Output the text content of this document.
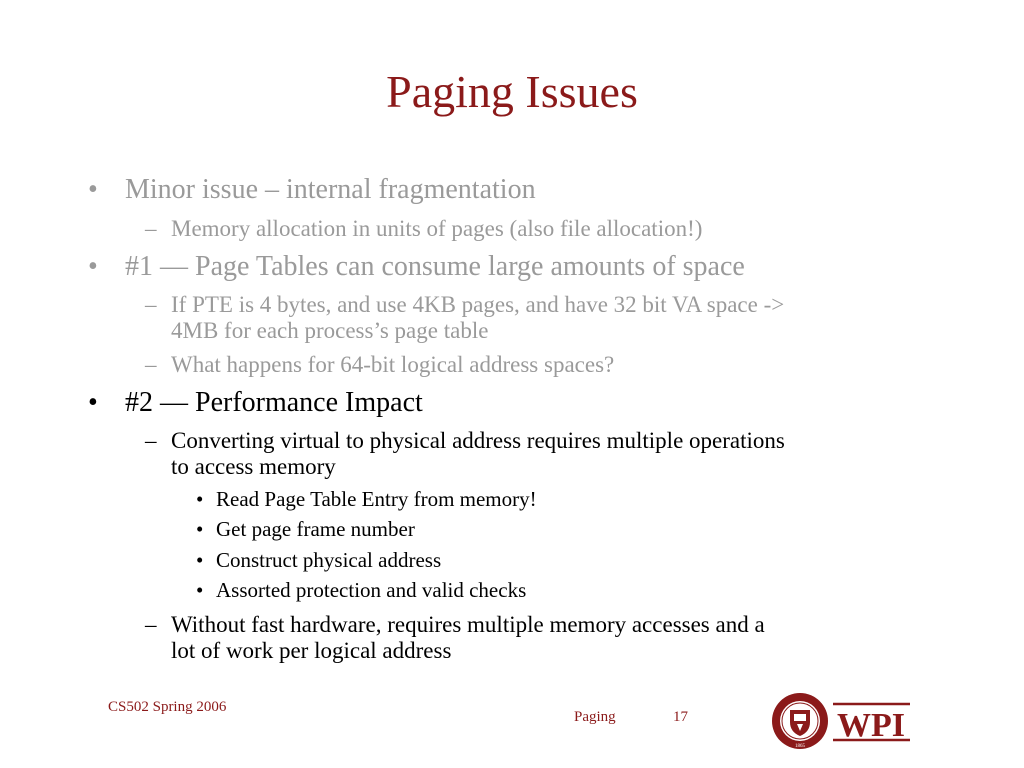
Paging Issues
• Minor issue – internal fragmentation
– Memory allocation in units of pages (also file allocation!)
• #1 — Page Tables can consume large amounts of space
– If PTE is 4 bytes, and use 4KB pages, and have 32 bit VA space ->
4MB for each process’s page table
– What happens for 64-bit logical address spaces?
• #2 — Performance Impact
– Converting virtual to physical address requires multiple operations
to access memory
• Read Page Table Entry from memory!
• Get page frame number
• Construct physical address
• Assorted protection and valid checks
– Without fast hardware, requires multiple memory accesses and a
lot of work per logical address
CS502 Spring 2006
Paging	17
1865
WPI
